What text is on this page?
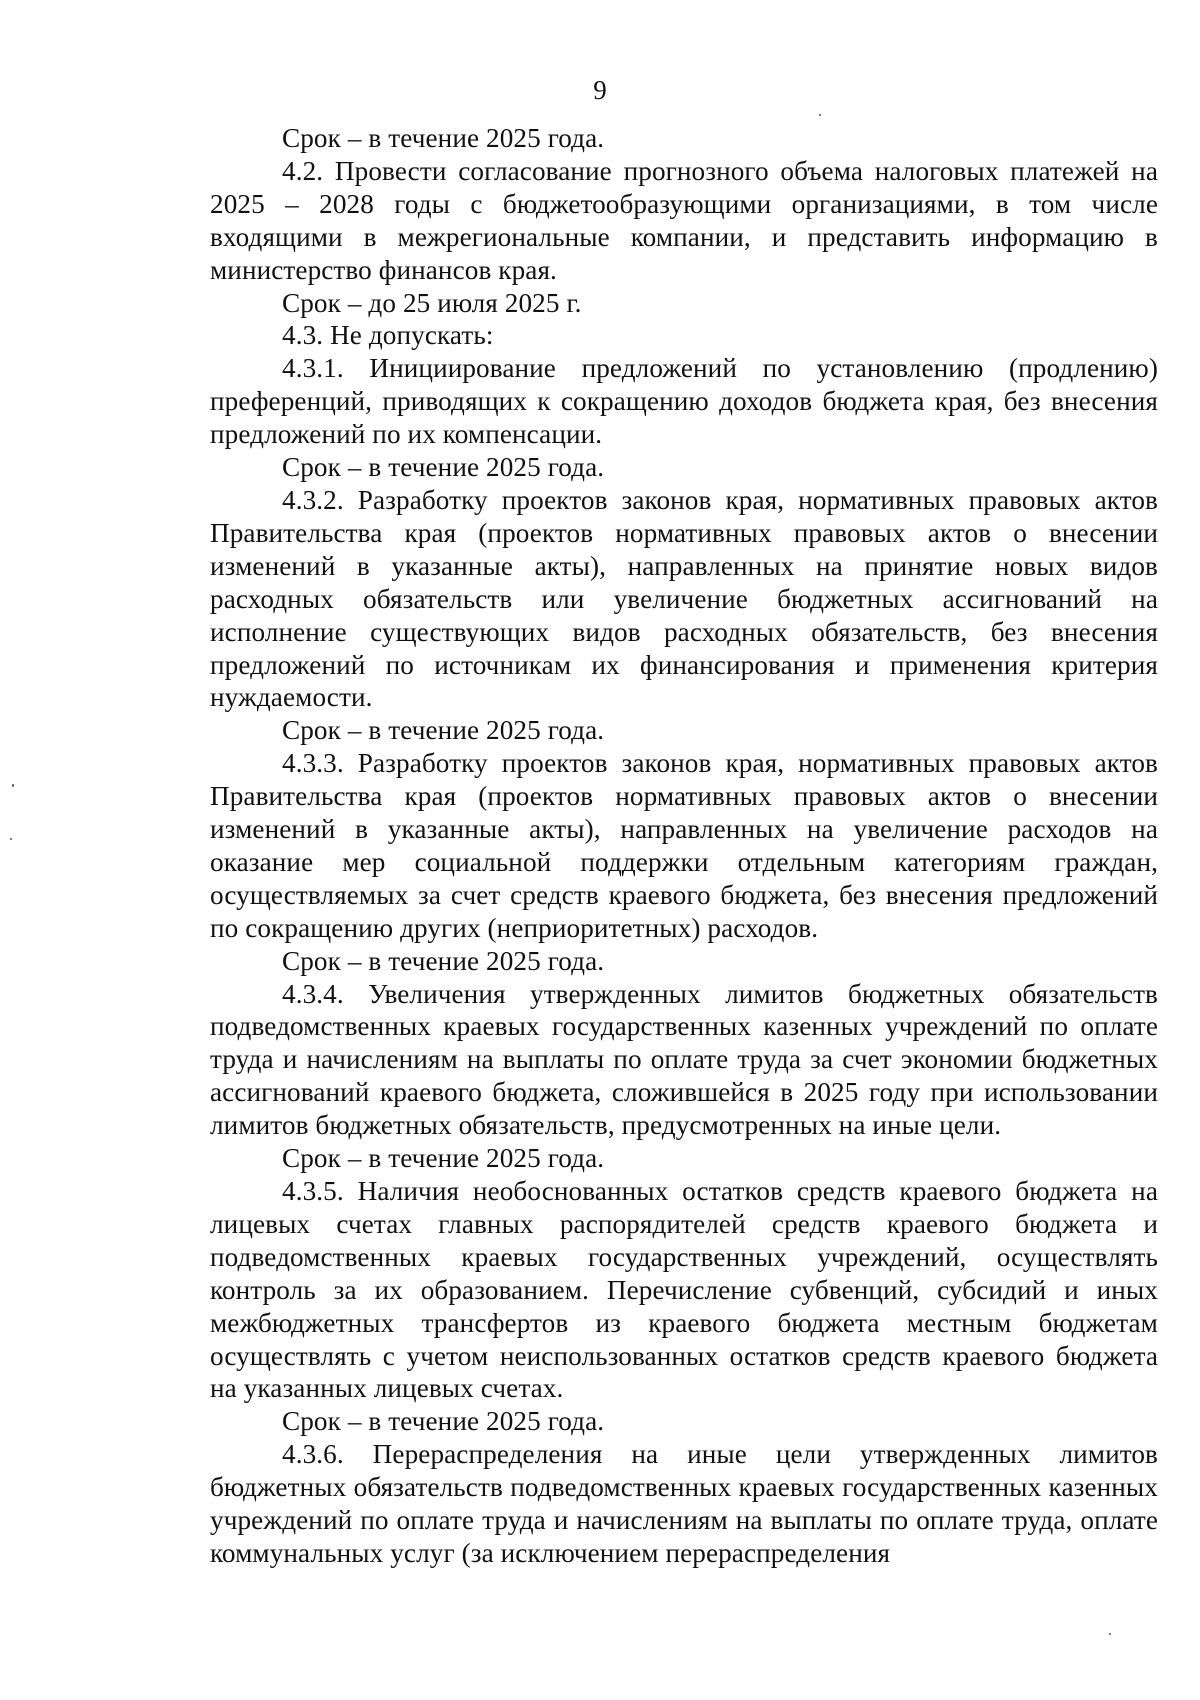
9

Срок – в течение 2025 года.

4.2. Провести согласование прогнозного объема налоговых платежей на 2025 – 2028 годы с бюджетообразующими организациями, в том числе входящими в межрегиональные компании, и представить информацию в министерство финансов края.

Срок – до 25 июля 2025 г.

4.3. Не допускать:

4.3.1. Инициирование предложений по установлению (продлению) преференций, приводящих к сокращению доходов бюджета края, без внесения предложений по их компенсации.

Срок – в течение 2025 года.

4.3.2. Разработку проектов законов края, нормативных правовых актов Правительства края (проектов нормативных правовых актов о внесении изменений в указанные акты), направленных на принятие новых видов расходных обязательств или увеличение бюджетных ассигнований на исполнение существующих видов расходных обязательств, без внесения предложений по источникам их финансирования и применения критерия нуждаемости.

Срок – в течение 2025 года.

4.3.3. Разработку проектов законов края, нормативных правовых актов Правительства края (проектов нормативных правовых актов о внесении изменений в указанные акты), направленных на увеличение расходов на оказание мер социальной поддержки отдельным категориям граждан, осуществляемых за счет средств краевого бюджета, без внесения предложений по сокращению других (неприоритетных) расходов.

Срок – в течение 2025 года.

4.3.4. Увеличения утвержденных лимитов бюджетных обязательств подведомственных краевых государственных казенных учреждений по оплате труда и начислениям на выплаты по оплате труда за счет экономии бюджетных ассигнований краевого бюджета, сложившейся в 2025 году при использовании лимитов бюджетных обязательств, предусмотренных на иные цели.

Срок – в течение 2025 года.

4.3.5. Наличия необоснованных остатков средств краевого бюджета на лицевых счетах главных распорядителей средств краевого бюджета и подведомственных краевых государственных учреждений, осуществлять контроль за их образованием. Перечисление субвенций, субсидий и иных межбюджетных трансфертов из краевого бюджета местным бюджетам осуществлять с учетом неиспользованных остатков средств краевого бюджета на указанных лицевых счетах.

Срок – в течение 2025 года.

4.3.6. Перераспределения на иные цели утвержденных лимитов бюджетных обязательств подведомственных краевых государственных казенных учреждений по оплате труда и начислениям на выплаты по оплате труда, оплате коммунальных услуг (за исключением перераспределения
